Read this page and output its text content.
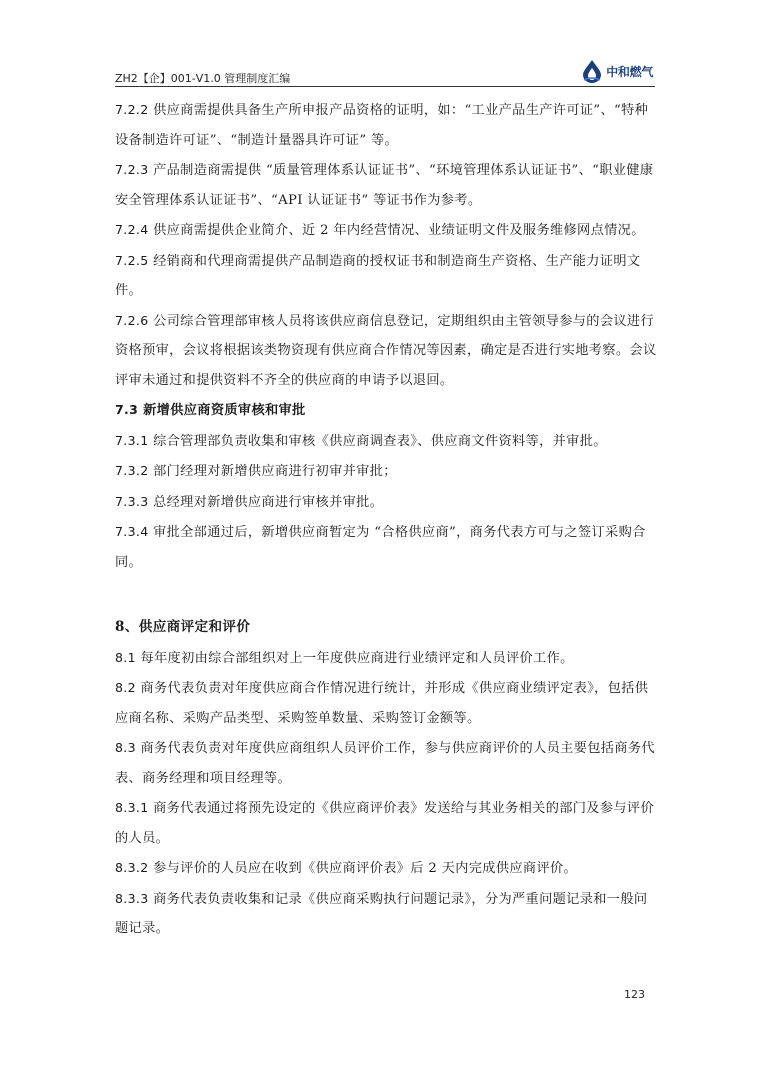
ZH2【企】001-V1.0 管理制度汇编	中和燃气

7.2.2 供应商需提供具备生产所申报产品资格的证明，如：“工业产品生产许可证”、“特种设备制造许可证”、“制造计量器具许可证” 等。

7.2.3 产品制造商需提供 “质量管理体系认证证书”、“环境管理体系认证证书”、“职业健康安全管理体系认证证书”、“API 认证证书” 等证书作为参考。

7.2.4 供应商需提供企业简介、近 2 年内经营情况、业绩证明文件及服务维修网点情况。

7.2.5 经销商和代理商需提供产品制造商的授权证书和制造商生产资格、生产能力证明文件。

7.2.6 公司综合管理部审核人员将该供应商信息登记，定期组织由主管领导参与的会议进行资格预审，会议将根据该类物资现有供应商合作情况等因素，确定是否进行实地考察。会议评审未通过和提供资料不齐全的供应商的申请予以退回。

7.3 新增供应商资质审核和审批

7.3.1 综合管理部负责收集和审核《供应商调查表》、供应商文件资料等，并审批。

7.3.2 部门经理对新增供应商进行初审并审批；

7.3.3 总经理对新增供应商进行审核并审批。

7.3.4 审批全部通过后，新增供应商暂定为 “合格供应商”，商务代表方可与之签订采购合同。

8、供应商评定和评价

8.1 每年度初由综合部组织对上一年度供应商进行业绩评定和人员评价工作。

8.2 商务代表负责对年度供应商合作情况进行统计，并形成《供应商业绩评定表》，包括供应商名称、采购产品类型、采购签单数量、采购签订金额等。

8.3 商务代表负责对年度供应商组织人员评价工作，参与供应商评价的人员主要包括商务代表、商务经理和项目经理等。

8.3.1 商务代表通过将预先设定的《供应商评价表》发送给与其业务相关的部门及参与评价的人员。

8.3.2 参与评价的人员应在收到《供应商评价表》后 2 天内完成供应商评价。

8.3.3 商务代表负责收集和记录《供应商采购执行问题记录》，分为严重问题记录和一般问题记录。

123
